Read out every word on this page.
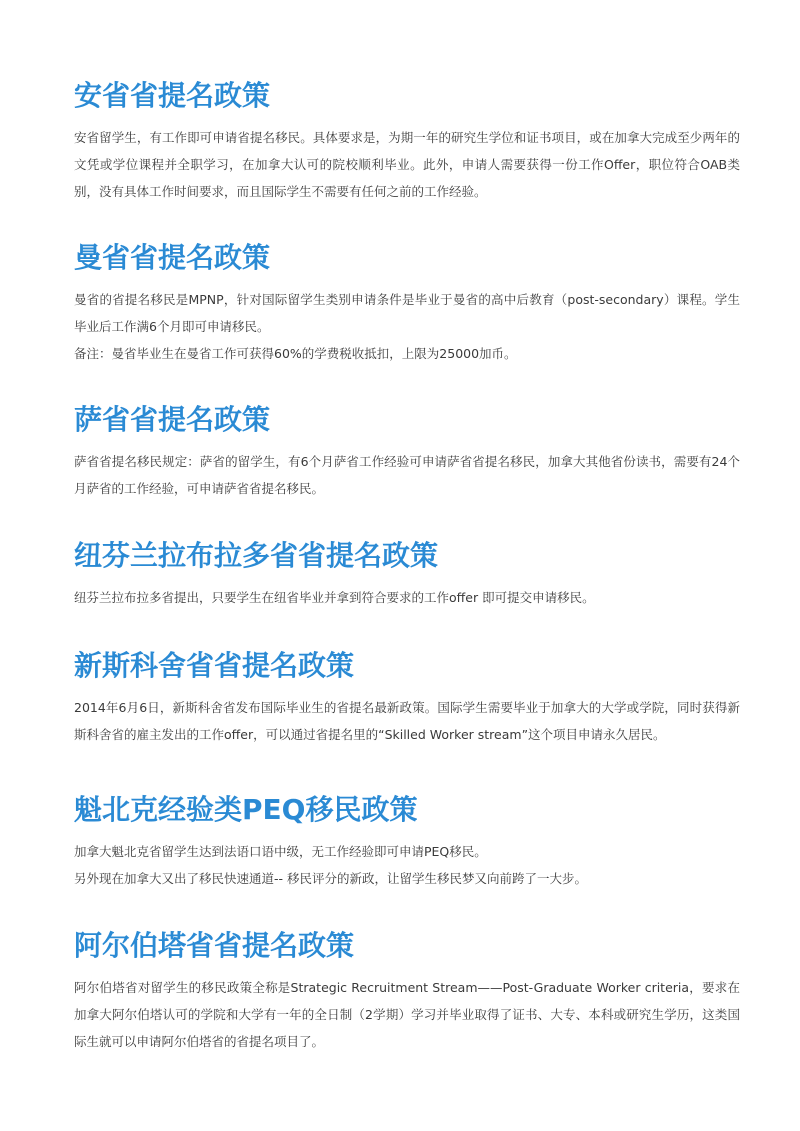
安省省提名政策

安省留学生，有工作即可申请省提名移民。具体要求是，为期一年的研究生学位和证书项目，或在加拿大完成至少两年的文凭或学位课程并全职学习，在加拿大认可的院校顺利毕业。此外，申请人需要获得一份工作Offer，职位符合OAB类别，没有具体工作时间要求，而且国际学生不需要有任何之前的工作经验。

曼省省提名政策

曼省的省提名移民是MPNP，针对国际留学生类别申请条件是毕业于曼省的高中后教育（post-secondary）课程。学生毕业后工作满6个月即可申请移民。

备注：曼省毕业生在曼省工作可获得60%的学费税收抵扣，上限为25000加币。

萨省省提名政策

萨省省提名移民规定：萨省的留学生，有6个月萨省工作经验可申请萨省省提名移民，加拿大其他省份读书，需要有24个月萨省的工作经验，可申请萨省省提名移民。

纽芬兰拉布拉多省省提名政策

纽芬兰拉布拉多省提出，只要学生在纽省毕业并拿到符合要求的工作offer 即可提交申请移民。

新斯科舍省省提名政策

2014年6月6日，新斯科舍省发布国际毕业生的省提名最新政策。国际学生需要毕业于加拿大的大学或学院，同时获得新斯科舍省的雇主发出的工作offer，可以通过省提名里的“Skilled Worker stream”这个项目申请永久居民。

魁北克经验类PEQ移民政策

加拿大魁北克省留学生达到法语口语中级，无工作经验即可申请PEQ移民。

另外现在加拿大又出了移民快速通道-- 移民评分的新政，让留学生移民梦又向前跨了一大步。

阿尔伯塔省省提名政策

阿尔伯塔省对留学生的移民政策全称是Strategic Recruitment Stream——Post-Graduate Worker criteria，要求在加拿大阿尔伯塔认可的学院和大学有一年的全日制（2学期）学习并毕业取得了证书、大专、本科或研究生学历，这类国际生就可以申请阿尔伯塔省的省提名项目了。
